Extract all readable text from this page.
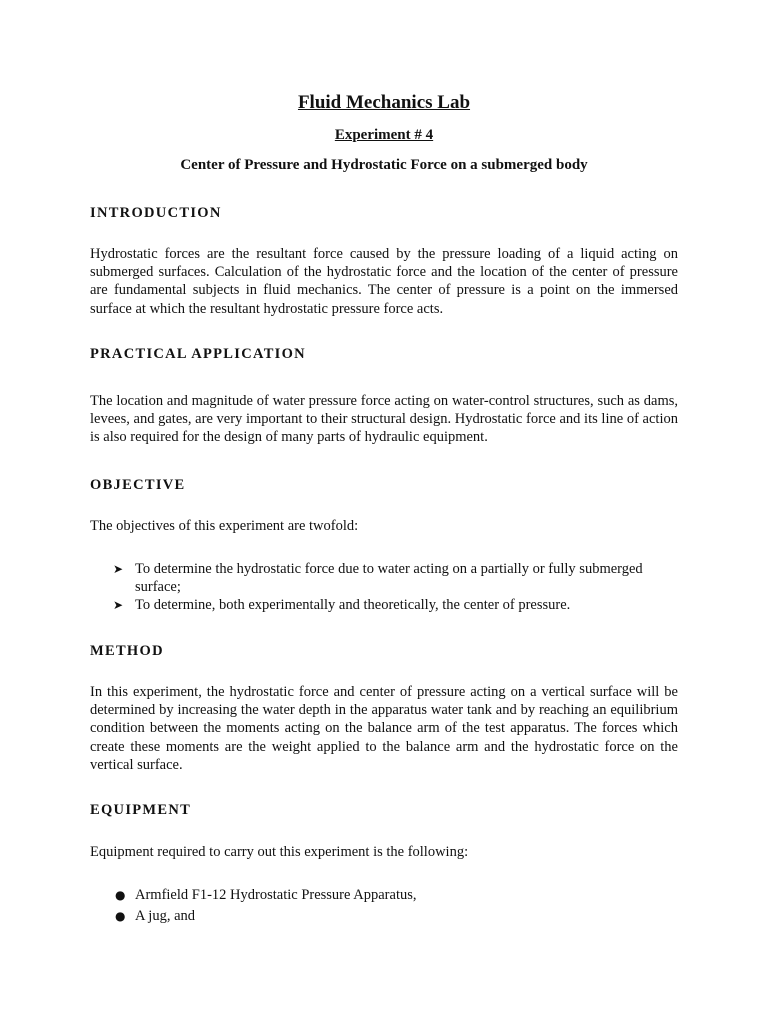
Fluid Mechanics Lab
Experiment # 4
Center of Pressure and Hydrostatic Force on a submerged body
INTRODUCTION

Hydrostatic forces are the resultant force caused by the pressure loading of a liquid acting on submerged surfaces. Calculation of the hydrostatic force and the location of the center of pressure are fundamental subjects in fluid mechanics. The center of pressure is a point on the immersed surface at which the resultant hydrostatic pressure force acts.

PRACTICAL APPLICATION

The location and magnitude of water pressure force acting on water-control structures, such as dams, levees, and gates, are very important to their structural design. Hydrostatic force and its line of action is also required for the design of many parts of hydraulic equipment.

OBJECTIVE

The objectives of this experiment are twofold:

➤ To determine the hydrostatic force due to water acting on a partially or fully submerged surface;
➤ To determine, both experimentally and theoretically, the center of pressure.
METHOD

In this experiment, the hydrostatic force and center of pressure acting on a vertical surface will be determined by increasing the water depth in the apparatus water tank and by reaching an equilibrium condition between the moments acting on the balance arm of the test apparatus. The forces which create these moments are the weight applied to the balance arm and the hydrostatic force on the vertical surface.

EQUIPMENT

Equipment required to carry out this experiment is the following:

● Armfield F1-12 Hydrostatic Pressure Apparatus,
● A jug, and
